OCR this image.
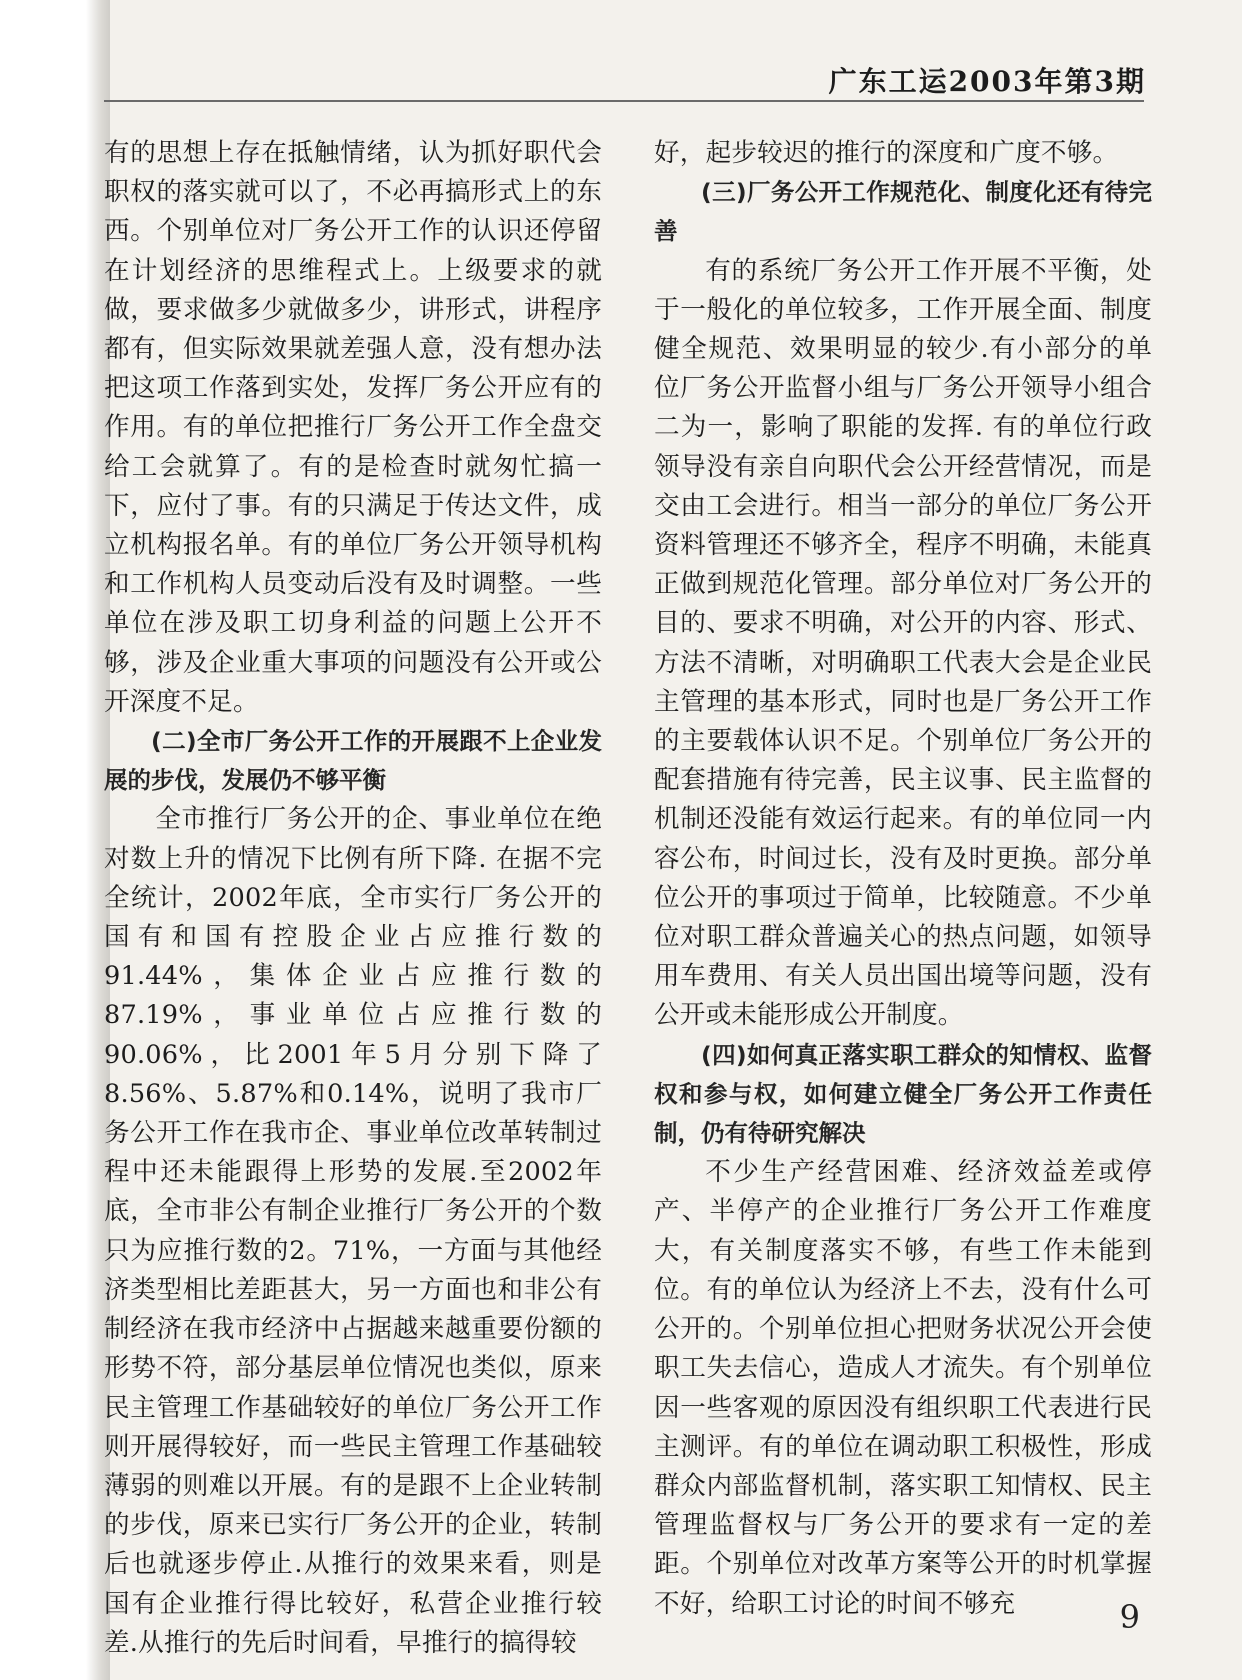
广东工运2003年第3期

有的思想上存在抵触情绪，认为抓好职代会职权的落实就可以了，不必再搞形式上的东西。个别单位对厂务公开工作的认识还停留在计划经济的思维程式上。上级要求的就做，要求做多少就做多少，讲形式，讲程序都有，但实际效果就差强人意，没有想办法把这项工作落到实处，发挥厂务公开应有的作用。有的单位把推行厂务公开工作全盘交给工会就算了。有的是检查时就匆忙搞一下，应付了事。有的只满足于传达文件，成立机构报名单。有的单位厂务公开领导机构和工作机构人员变动后没有及时调整。一些单位在涉及职工切身利益的问题上公开不够，涉及企业重大事项的问题没有公开或公开深度不足。

(二)全市厂务公开工作的开展跟不上企业发展的步伐，发展仍不够平衡

全市推行厂务公开的企、事业单位在绝对数上升的情况下比例有所下降. 在据不完全统计，2002年底，全市实行厂务公开的国有和国有控股企业占应推行数的91.44%，集体企业占应推行数的87.19%，事业单位占应推行数的90.06%，比2001年5月分别下降了8.56%、5.87%和0.14%，说明了我市厂务公开工作在我市企、事业单位改革转制过程中还未能跟得上形势的发展.至2002年底，全市非公有制企业推行厂务公开的个数只为应推行数的2。71%，一方面与其他经济类型相比差距甚大，另一方面也和非公有制经济在我市经济中占据越来越重要份额的形势不符，部分基层单位情况也类似，原来民主管理工作基础较好的单位厂务公开工作则开展得较好，而一些民主管理工作基础较薄弱的则难以开展。有的是跟不上企业转制的步伐，原来已实行厂务公开的企业，转制后也就逐步停止.从推行的效果来看，则是国有企业推行得比较好，私营企业推行较差.从推行的先后时间看，早推行的搞得较

好，起步较迟的推行的深度和广度不够。

(三)厂务公开工作规范化、制度化还有待完善

有的系统厂务公开工作开展不平衡，处于一般化的单位较多，工作开展全面、制度健全规范、效果明显的较少.有小部分的单位厂务公开监督小组与厂务公开领导小组合二为一，影响了职能的发挥. 有的单位行政领导没有亲自向职代会公开经营情况，而是交由工会进行。相当一部分的单位厂务公开资料管理还不够齐全，程序不明确，未能真正做到规范化管理。部分单位对厂务公开的目的、要求不明确，对公开的内容、形式、方法不清晰，对明确职工代表大会是企业民主管理的基本形式，同时也是厂务公开工作的主要载体认识不足。个别单位厂务公开的配套措施有待完善，民主议事、民主监督的机制还没能有效运行起来。有的单位同一内容公布，时间过长，没有及时更换。部分单位公开的事项过于简单，比较随意。不少单位对职工群众普遍关心的热点问题，如领导用车费用、有关人员出国出境等问题，没有公开或未能形成公开制度。

(四)如何真正落实职工群众的知情权、监督权和参与权，如何建立健全厂务公开工作责任制，仍有待研究解决

不少生产经营困难、经济效益差或停产、半停产的企业推行厂务公开工作难度大，有关制度落实不够，有些工作未能到位。有的单位认为经济上不去，没有什么可公开的。个别单位担心把财务状况公开会使职工失去信心，造成人才流失。有个别单位因一些客观的原因没有组织职工代表进行民主测评。有的单位在调动职工积极性，形成群众内部监督机制，落实职工知情权、民主管理监督权与厂务公开的要求有一定的差距。个别单位对改革方案等公开的时机掌握不好，给职工讨论的时间不够充	9
